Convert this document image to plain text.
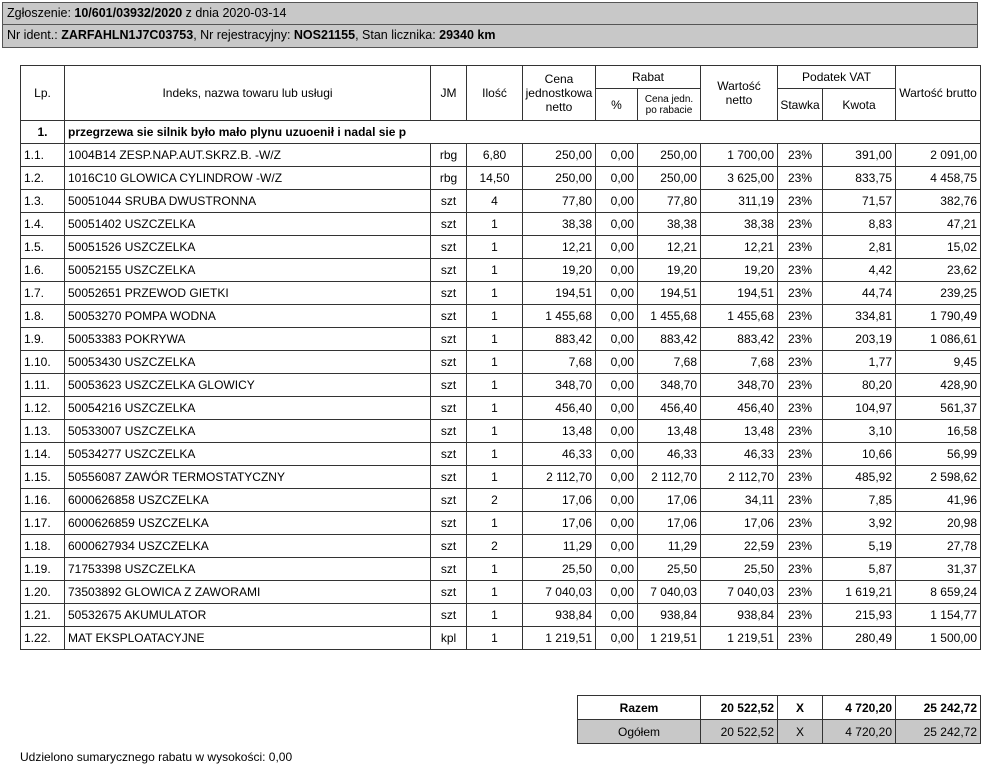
Zgłoszenie: 10/601/03932/2020 z dnia 2020-03-14
Nr ident.: ZARFAHLN1J7C03753, Nr rejestracyjny: NOS21155, Stan licznika: 29340 km
Lp.	Indeks, nazwa towaru lub usługi	JM	Ilość	Cena jednostkowa netto	Rabat		Wartość netto	Podatek VAT		Wartość brutto
					%	Cena jedn. po rabacie		Stawka	Kwota	
1.	przegrzewa sie silnik było mało plynu uzuoenił i nadal sie p									
1.1.	1004B14 ZESP.NAP.AUT.SKRZ.B. -W/Z	rbg	6,80	250,00	0,00	250,00	1 700,00	23%	391,00	2 091,00
1.2.	1016C10 GLOWICA CYLINDROW -W/Z	rbg	14,50	250,00	0,00	250,00	3 625,00	23%	833,75	4 458,75
1.3.	50051044 SRUBA DWUSTRONNA	szt	4	77,80	0,00	77,80	311,19	23%	71,57	382,76
1.4.	50051402 USZCZELKA	szt	1	38,38	0,00	38,38	38,38	23%	8,83	47,21
1.5.	50051526 USZCZELKA	szt	1	12,21	0,00	12,21	12,21	23%	2,81	15,02
1.6.	50052155 USZCZELKA	szt	1	19,20	0,00	19,20	19,20	23%	4,42	23,62
1.7.	50052651 PRZEWOD GIETKI	szt	1	194,51	0,00	194,51	194,51	23%	44,74	239,25
1.8.	50053270 POMPA WODNA	szt	1	1 455,68	0,00	1 455,68	1 455,68	23%	334,81	1 790,49
1.9.	50053383 POKRYWA	szt	1	883,42	0,00	883,42	883,42	23%	203,19	1 086,61
1.10.	50053430 USZCZELKA	szt	1	7,68	0,00	7,68	7,68	23%	1,77	9,45
1.11.	50053623 USZCZELKA GLOWICY	szt	1	348,70	0,00	348,70	348,70	23%	80,20	428,90
1.12.	50054216 USZCZELKA	szt	1	456,40	0,00	456,40	456,40	23%	104,97	561,37
1.13.	50533007 USZCZELKA	szt	1	13,48	0,00	13,48	13,48	23%	3,10	16,58
1.14.	50534277 USZCZELKA	szt	1	46,33	0,00	46,33	46,33	23%	10,66	56,99
1.15.	50556087 ZAWÓR TERMOSTATYCZNY	szt	1	2 112,70	0,00	2 112,70	2 112,70	23%	485,92	2 598,62
1.16.	6000626858 USZCZELKA	szt	2	17,06	0,00	17,06	34,11	23%	7,85	41,96
1.17.	6000626859 USZCZELKA	szt	1	17,06	0,00	17,06	17,06	23%	3,92	20,98
1.18.	6000627934 USZCZELKA	szt	2	11,29	0,00	11,29	22,59	23%	5,19	27,78
1.19.	71753398 USZCZELKA	szt	1	25,50	0,00	25,50	25,50	23%	5,87	31,37
1.20.	73503892 GLOWICA Z ZAWORAMI	szt	1	7 040,03	0,00	7 040,03	7 040,03	23%	1 619,21	8 659,24
1.21.	50532675 AKUMULATOR	szt	1	938,84	0,00	938,84	938,84	23%	215,93	1 154,77
1.22.	MAT EKSPLOATACYJNE	kpl	1	1 219,51	0,00	1 219,51	1 219,51	23%	280,49	1 500,00
Razem	20 522,52	X	4 720,20	25 242,72
Ogółem	20 522,52	X	4 720,20	25 242,72
Udzielono sumarycznego rabatu w wysokości: 0,00
